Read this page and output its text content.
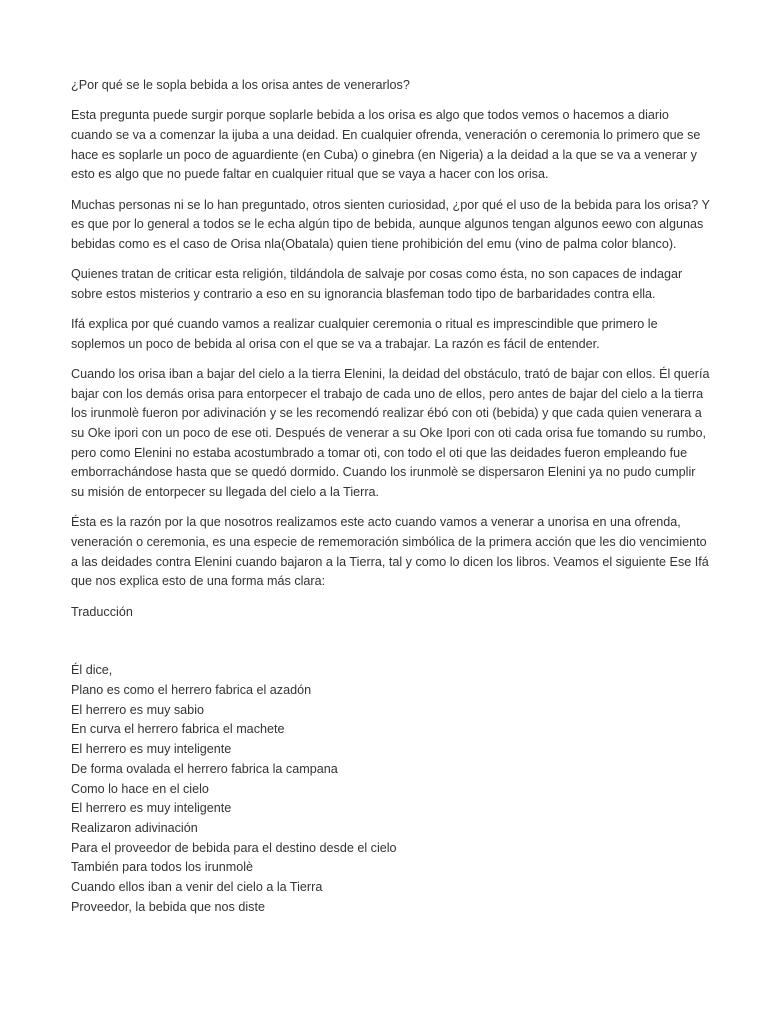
¿Por qué se le sopla bebida a los orisa antes de venerarlos?

Esta pregunta puede surgir porque soplarle bebida a los orisa es algo que todos vemos o hacemos a diario cuando se va a comenzar la ijuba a una deidad. En cualquier ofrenda, veneración o ceremonia lo primero que se hace es soplarle un poco de aguardiente (en Cuba) o ginebra (en Nigeria) a la deidad a la que se va a venerar y esto es algo que no puede faltar en cualquier ritual que se vaya a hacer con los orisa.

Muchas personas ni se lo han preguntado, otros sienten curiosidad, ¿por qué el uso de la bebida para los orisa? Y es que por lo general a todos se le echa algún tipo de bebida, aunque algunos tengan algunos eewo con algunas bebidas como es el caso de Orisa nla(Obatala) quien tiene prohibición del emu (vino de palma color blanco).

Quienes tratan de criticar esta religión, tildándola de salvaje por cosas como ésta, no son capaces de indagar sobre estos misterios y contrario a eso en su ignorancia blasfeman todo tipo de barbaridades contra ella.

Ifá explica por qué cuando vamos a realizar cualquier ceremonia o ritual es imprescindible que primero le soplemos un poco de bebida al orisa con el que se va a trabajar. La razón es fácil de entender.

Cuando los orisa iban a bajar del cielo a la tierra Elenini, la deidad del obstáculo, trató de bajar con ellos. Él quería bajar con los demás orisa para entorpecer el trabajo de cada uno de ellos, pero antes de bajar del cielo a la tierra los irunmolè fueron por adivinación y se les recomendó realizar ébó con oti (bebida) y que cada quien venerara a su Oke ipori con un poco de ese oti. Después de venerar a su Oke Ipori con oti cada orisa fue tomando su rumbo, pero como Elenini no estaba acostumbrado a tomar oti, con todo el oti que las deidades fueron empleando fue emborrachándose hasta que se quedó dormido. Cuando los irunmolè se dispersaron Elenini ya no pudo cumplir su misión de entorpecer su llegada del cielo a la Tierra.

Ésta es la razón por la que nosotros realizamos este acto cuando vamos a venerar a unorisa en una ofrenda, veneración o ceremonia, es una especie de rememoración simbólica de la primera acción que les dio vencimiento a las deidades contra Elenini cuando bajaron a la Tierra, tal y como lo dicen los libros. Veamos el siguiente Ese Ifá que nos explica esto de una forma más clara:

Traducción

Él dice,

Plano es como el herrero fabrica el azadón

El herrero es muy sabio

En curva el herrero fabrica el machete

El herrero es muy inteligente

De forma ovalada el herrero fabrica la campana

Como lo hace en el cielo

El herrero es muy inteligente

Realizaron adivinación

Para el proveedor de bebida para el destino desde el cielo

También para todos los irunmolè

Cuando ellos iban a venir del cielo a la Tierra

Proveedor, la bebida que nos diste
